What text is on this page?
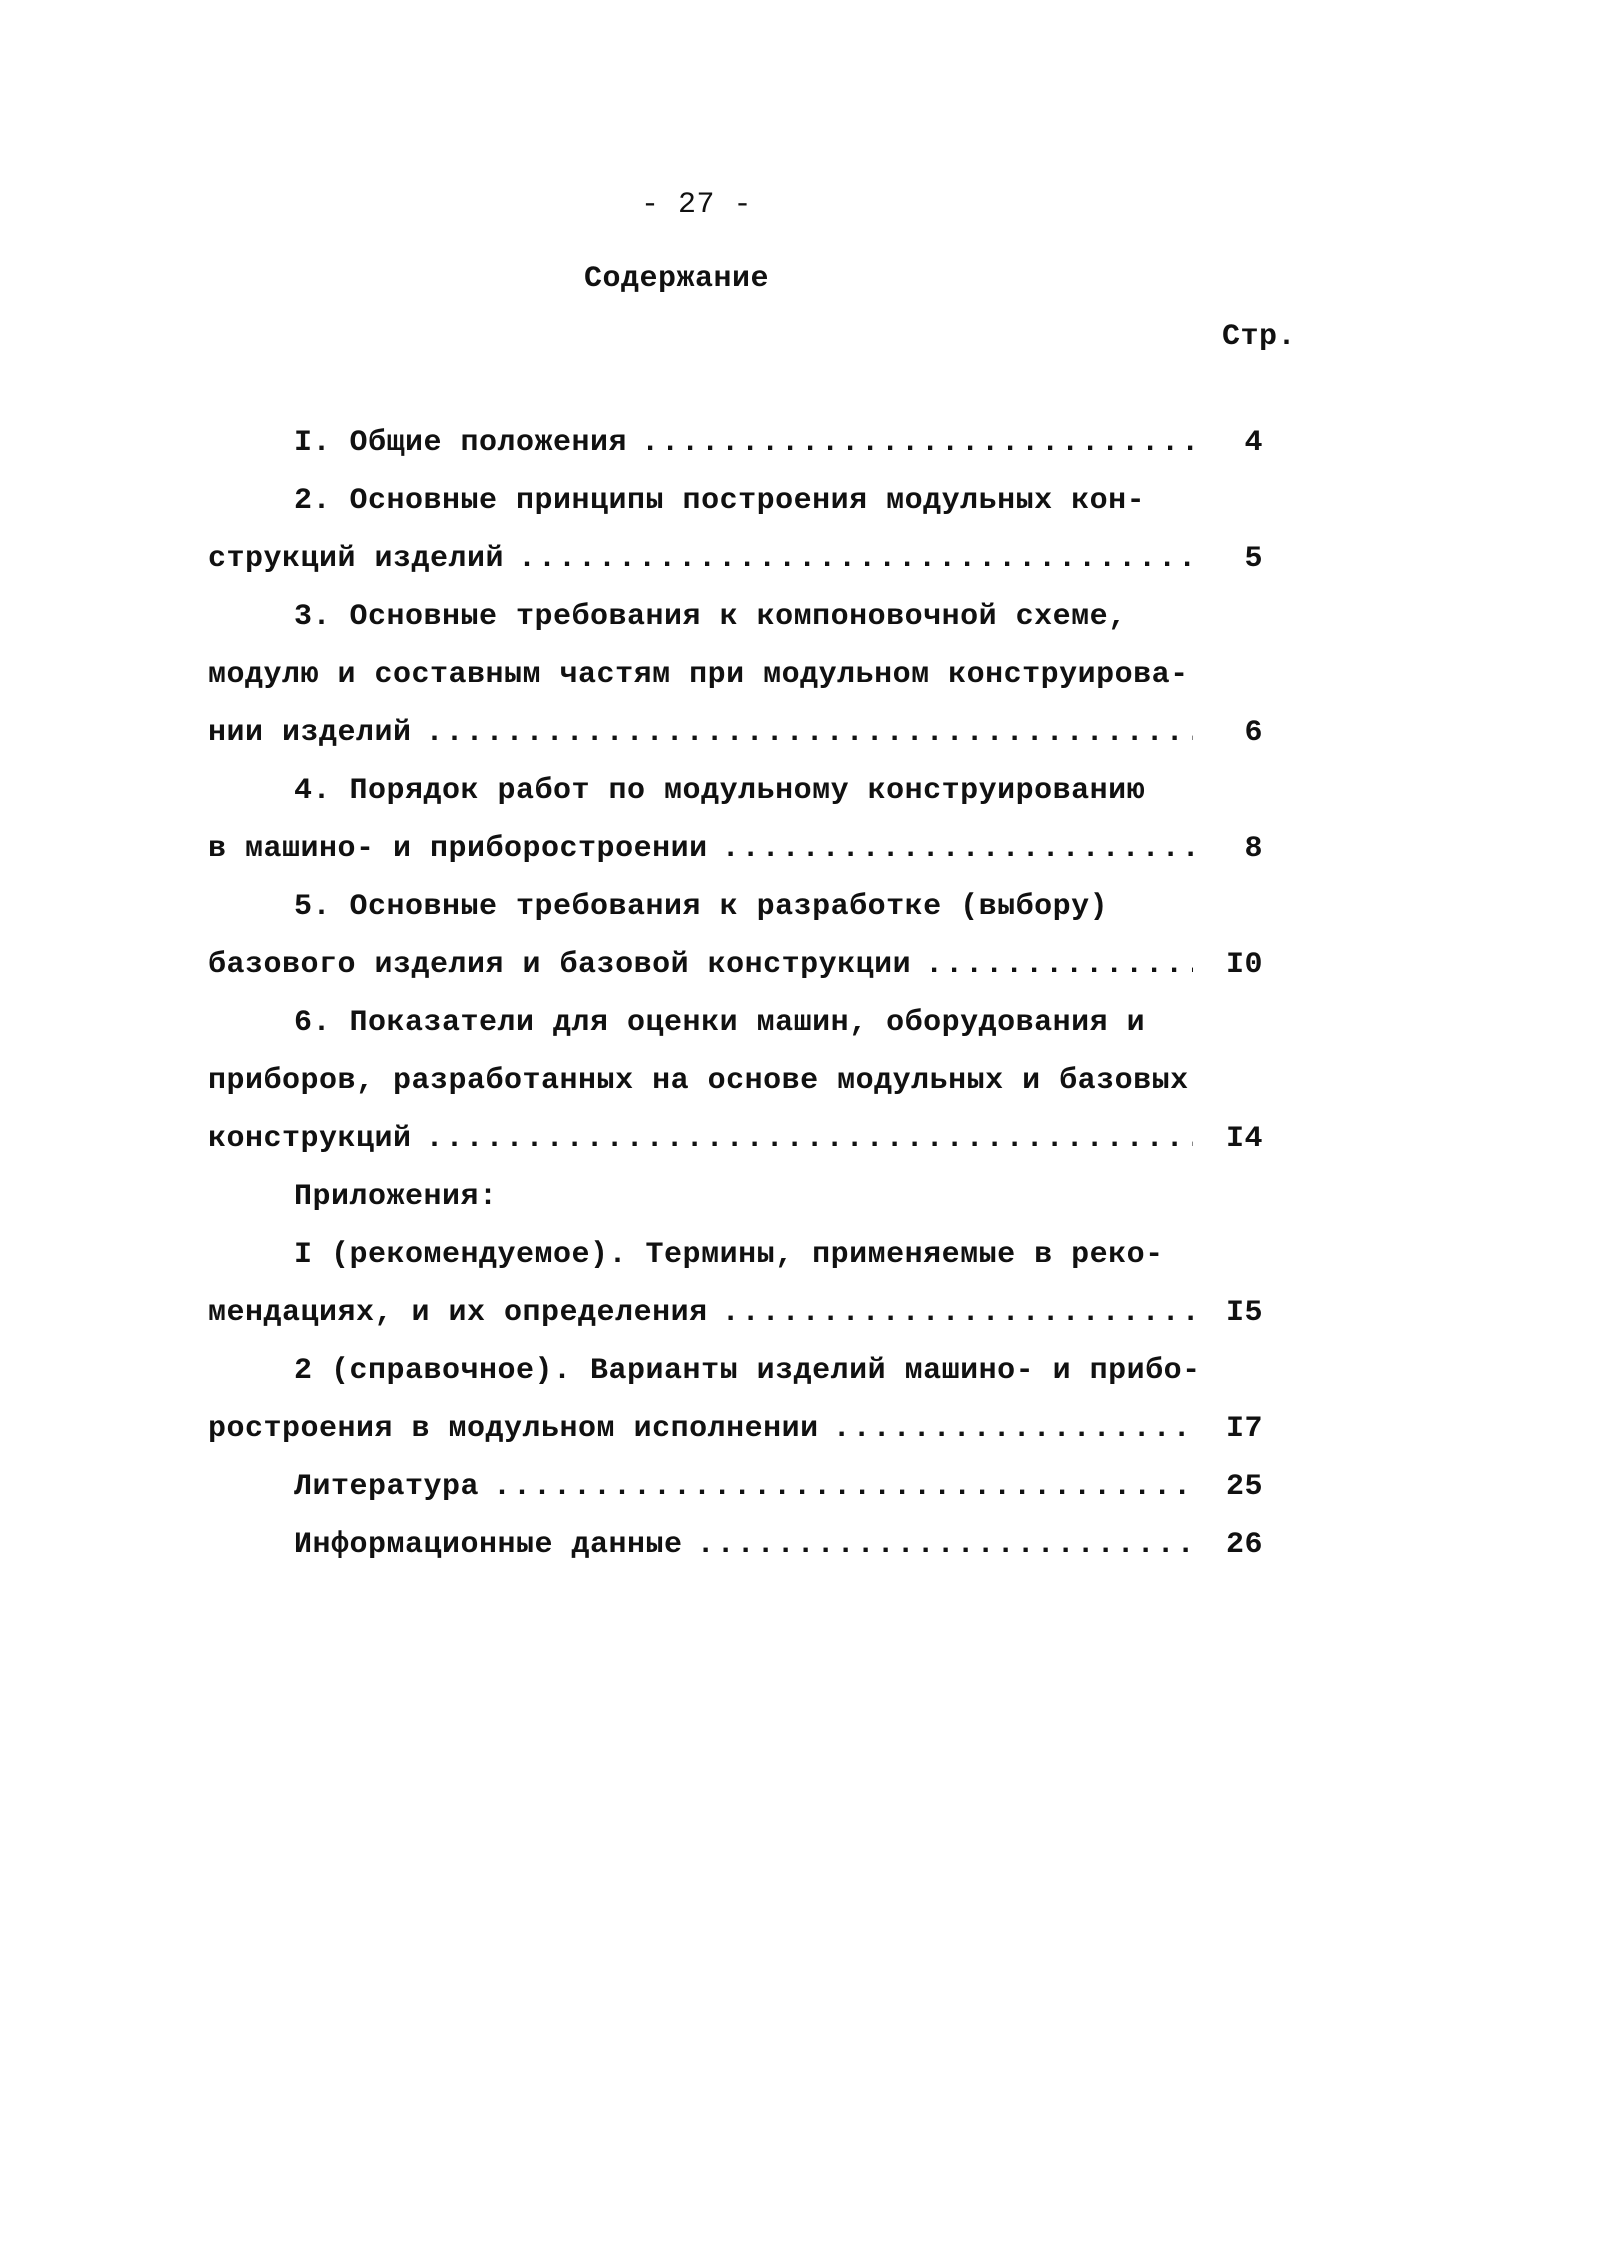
- 27 -
Содержание
Стр.
I. Общие положения .....	4
2. Основные принципы построения модульных кон-
струкций изделий .....	5
3. Основные требования к компоновочной схеме,
модулю и составным частям при модульном конструирова-
нии изделий .....	6
4. Порядок работ по модульному конструированию
в машино- и приборостроении .....	8
5. Основные требования к разработке (выбору)
базового изделия и базовой конструкции .....	I0
6. Показатели для оценки машин, оборудования и
приборов, разработанных на основе модульных и базовых
конструкций .....	I4
Приложения:
I (рекомендуемое). Термины, применяемые в реко-
мендациях, и их определения .....	I5
2 (справочное). Варианты изделий машино- и прибо-
ростроения в модульном исполнении .....	I7
Литература .....	25
Информационные данные .....	26
